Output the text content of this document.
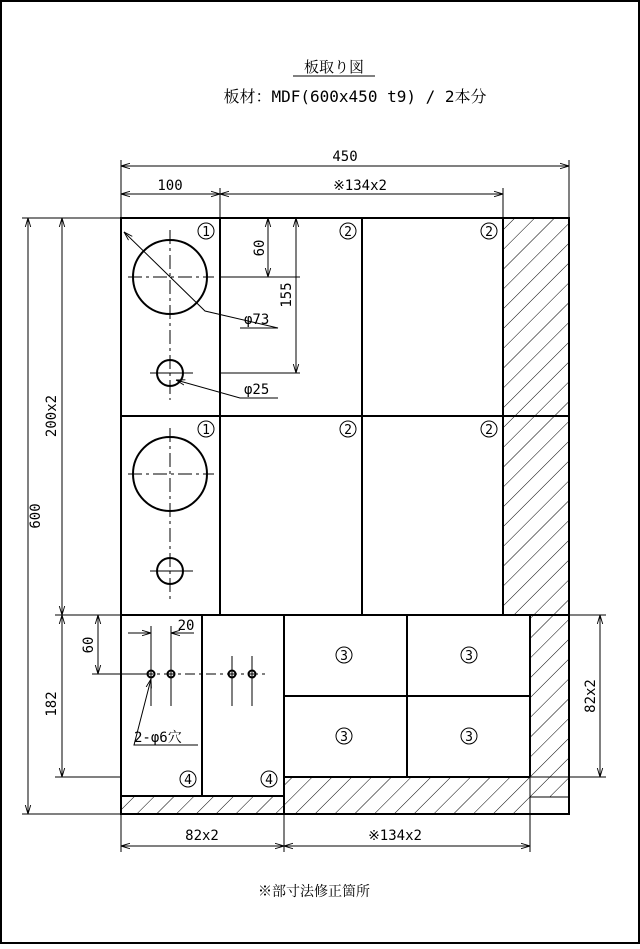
板取り図
板材：MDF(600x450 t9) / 2本分
450
100	※134x2
600
200x2
182
60
155
φ73
φ25
60
20
2-φ6穴
82x2	※134x2
82x2
1
1
2	2
2	2
3	3
3	3
4	4
※部寸法修正箇所
